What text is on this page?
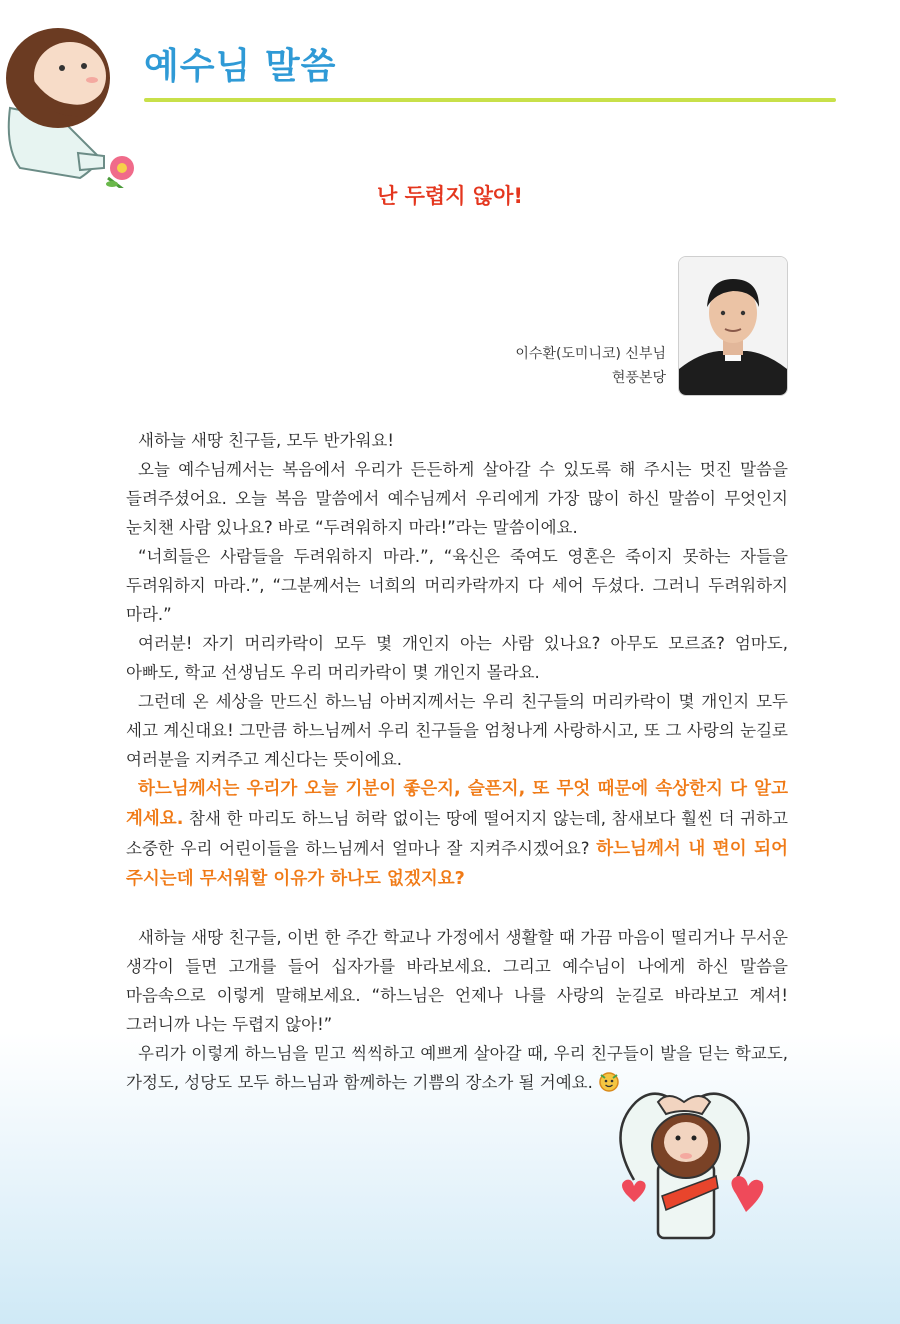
예수님 말씀
난 두렵지 않아!
이수환(도미니코) 신부님
현풍본당

새하늘 새땅 친구들, 모두 반가워요!

오늘 예수님께서는 복음에서 우리가 든든하게 살아갈 수 있도록 해 주시는 멋진 말씀을 들려주셨어요. 오늘 복음 말씀에서 예수님께서 우리에게 가장 많이 하신 말씀이 무엇인지 눈치챈 사람 있나요? 바로 “두려워하지 마라!”라는 말씀이에요.

“너희들은 사람들을 두려워하지 마라.”, “육신은 죽여도 영혼은 죽이지 못하는 자들을 두려워하지 마라.”, “그분께서는 너희의 머리카락까지 다 세어 두셨다. 그러니 두려워하지 마라.”

여러분! 자기 머리카락이 모두 몇 개인지 아는 사람 있나요? 아무도 모르죠? 엄마도, 아빠도, 학교 선생님도 우리 머리카락이 몇 개인지 몰라요.

그런데 온 세상을 만드신 하느님 아버지께서는 우리 친구들의 머리카락이 몇 개인지 모두 세고 계신대요! 그만큼 하느님께서 우리 친구들을 엄청나게 사랑하시고, 또 그 사랑의 눈길로 여러분을 지켜주고 계신다는 뜻이에요.

하느님께서는 우리가 오늘 기분이 좋은지, 슬픈지, 또 무엇 때문에 속상한지 다 알고 계세요. 참새 한 마리도 하느님 허락 없이는 땅에 떨어지지 않는데, 참새보다 훨씬 더 귀하고 소중한 우리 어린이들을 하느님께서 얼마나 잘 지켜주시겠어요? 하느님께서 내 편이 되어 주시는데 무서워할 이유가 하나도 없겠지요?

새하늘 새땅 친구들, 이번 한 주간 학교나 가정에서 생활할 때 가끔 마음이 떨리거나 무서운 생각이 들면 고개를 들어 십자가를 바라보세요. 그리고 예수님이 나에게 하신 말씀을 마음속으로 이렇게 말해보세요. “하느님은 언제나 나를 사랑의 눈길로 바라보고 계셔! 그러니까 나는 두렵지 않아!”

우리가 이렇게 하느님을 믿고 씩씩하고 예쁘게 살아갈 때, 우리 친구들이 발을 딛는 학교도, 가정도, 성당도 모두 하느님과 함께하는 기쁨의 장소가 될 거예요.
